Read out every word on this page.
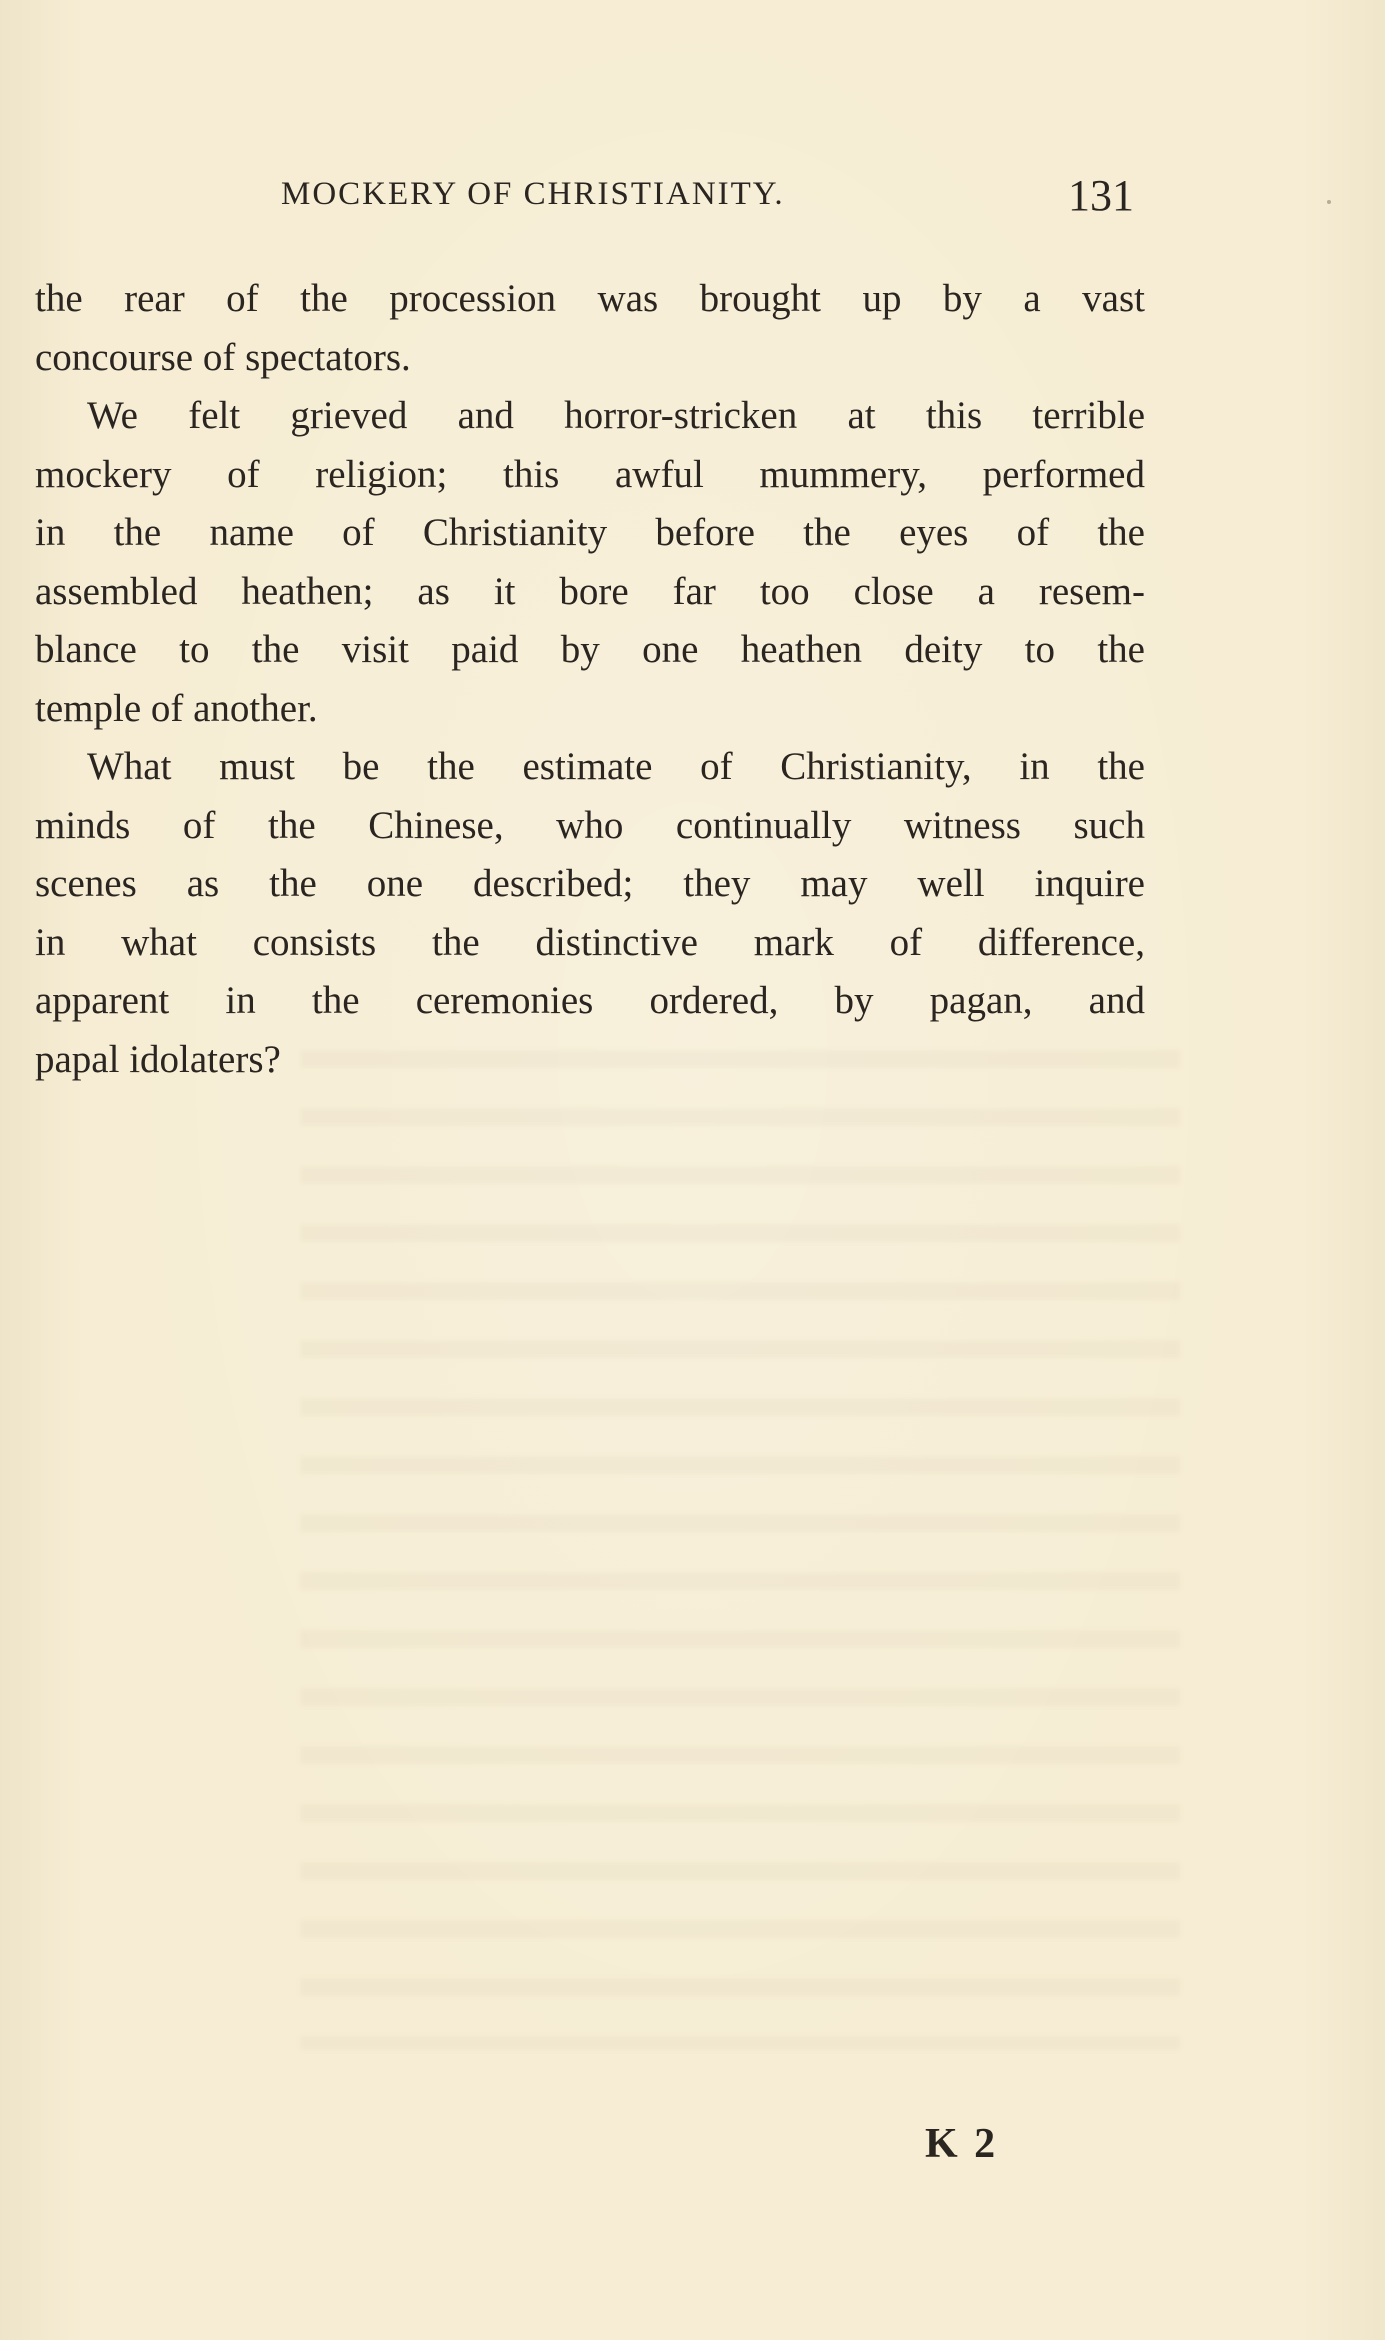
MOCKERY OF CHRISTIANITY.	131
the rear of the procession was brought up by a vast
concourse of spectators.
We felt grieved and horror-stricken at this terrible
mockery of religion; this awful mummery, performed
in the name of Christianity before the eyes of the
assembled heathen; as it bore far too close a resem-
blance to the visit paid by one heathen deity to the
temple of another.
What must be the estimate of Christianity, in the
minds of the Chinese, who continually witness such
scenes as the one described; they may well inquire
in what consists the distinctive mark of difference,
apparent in the ceremonies ordered, by pagan, and
papal idolaters?
K 2
